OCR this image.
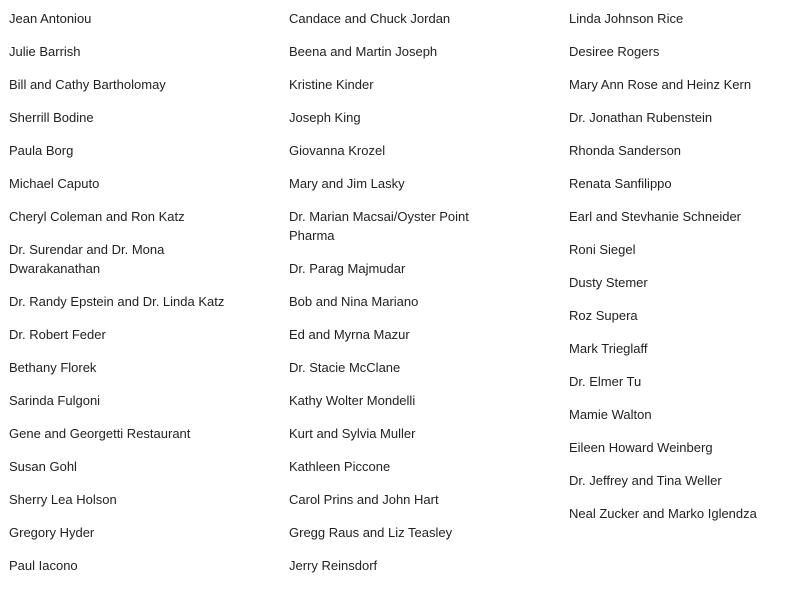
Jean Antoniou
Julie Barrish
Bill and Cathy Bartholomay
Sherrill Bodine
Paula Borg
Michael Caputo
Cheryl Coleman and Ron Katz
Dr. Surendar and Dr. Mona Dwarakanathan
Dr. Randy Epstein and Dr. Linda Katz
Dr. Robert Feder
Bethany Florek
Sarinda Fulgoni
Gene and Georgetti Restaurant
Susan Gohl
Sherry Lea Holson
Gregory Hyder
Paul Iacono
Candace and Chuck Jordan
Beena and Martin Joseph
Kristine Kinder
Joseph King
Giovanna Krozel
Mary and Jim Lasky
Dr. Marian Macsai/Oyster Point Pharma
Dr. Parag Majmudar
Bob and Nina Mariano
Ed and Myrna Mazur
Dr. Stacie McClane
Kathy Wolter Mondelli
Kurt and Sylvia Muller
Kathleen Piccone
Carol Prins and John Hart
Gregg Raus and Liz Teasley
Jerry Reinsdorf
Linda Johnson Rice
Desiree Rogers
Mary Ann Rose and Heinz Kern
Dr. Jonathan Rubenstein
Rhonda Sanderson
Renata Sanfilippo
Earl and Stevhanie Schneider
Roni Siegel
Dusty Stemer
Roz Supera
Mark Trieglaff
Dr. Elmer Tu
Mamie Walton
Eileen Howard Weinberg
Dr. Jeffrey and Tina Weller
Neal Zucker and Marko Iglendza
